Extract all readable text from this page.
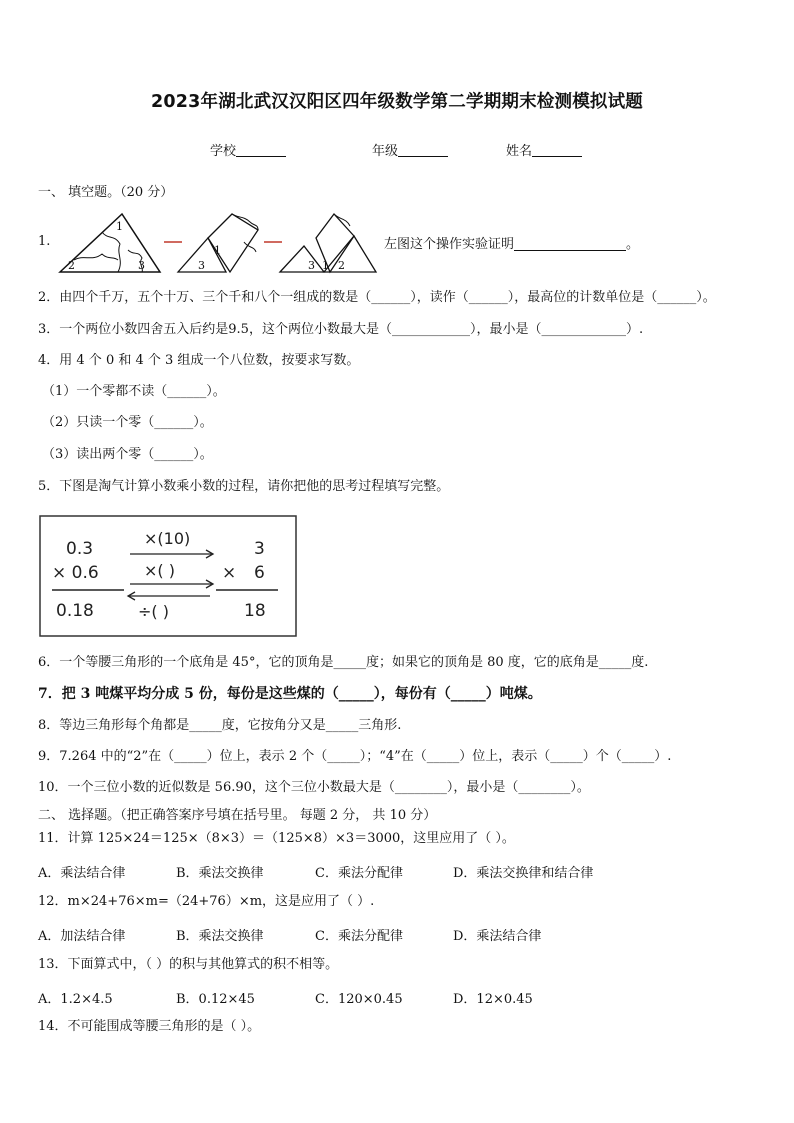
2023年湖北武汉汉阳区四年级数学第二学期期末检测模拟试题
学校	年级	姓名
一、 填空题。（20 分）
1.
1
2	3	3
1
3 1 2
左图这个操作实验证明	。
2．由四个千万，五个十万、三个千和八个一组成的数是（______），读作（______），最高位的计数单位是（______）。
3．一个两位小数四舍五入后约是9.5，这个两位小数最大是（____________），最小是（_____________）.
4．用 4 个 0 和 4 个 3 组成一个八位数，按要求写数。
（1）一个零都不读（______）。
（2）只读一个零（______）。
（3）读出两个零（______）。
5．下图是淘气计算小数乘小数的过程，请你把他的思考过程填写完整。
0.3
× 0.6
0.18
×(10)
×( )
÷( )
×
3
6
18
6．一个等腰三角形的一个底角是 45°，它的顶角是_____度；如果它的顶角是 80 度，它的底角是_____度.
7．把 3 吨煤平均分成 5 份，每份是这些煤的（_____），每份有（_____）吨煤。
8．等边三角形每个角都是_____度，它按角分又是_____三角形.
9．7.264 中的“2”在（_____）位上，表示 2 个（_____）；“4”在（_____）位上，表示（_____）个（_____）.
10．一个三位小数的近似数是 56.90，这个三位小数最大是（________），最小是（________）。
二、 选择题。（把正确答案序号填在括号里。 每题 2 分， 共 10 分）
11．计算 125×24＝125×（8×3）＝（125×8）×3＝3000，这里应用了（ ）。
A．乘法结合律	B．乘法交换律	C．乘法分配律	D．乘法交换律和结合律
12．m×24+76×m=（24+76）×m，这是应用了（ ）.
A．加法结合律	B．乘法交换律	C．乘法分配律	D．乘法结合律
13．下面算式中，（ ）的积与其他算式的积不相等。
A．1.2×4.5	B．0.12×45	C．120×0.45	D．12×0.45
14．不可能围成等腰三角形的是（ ）。
